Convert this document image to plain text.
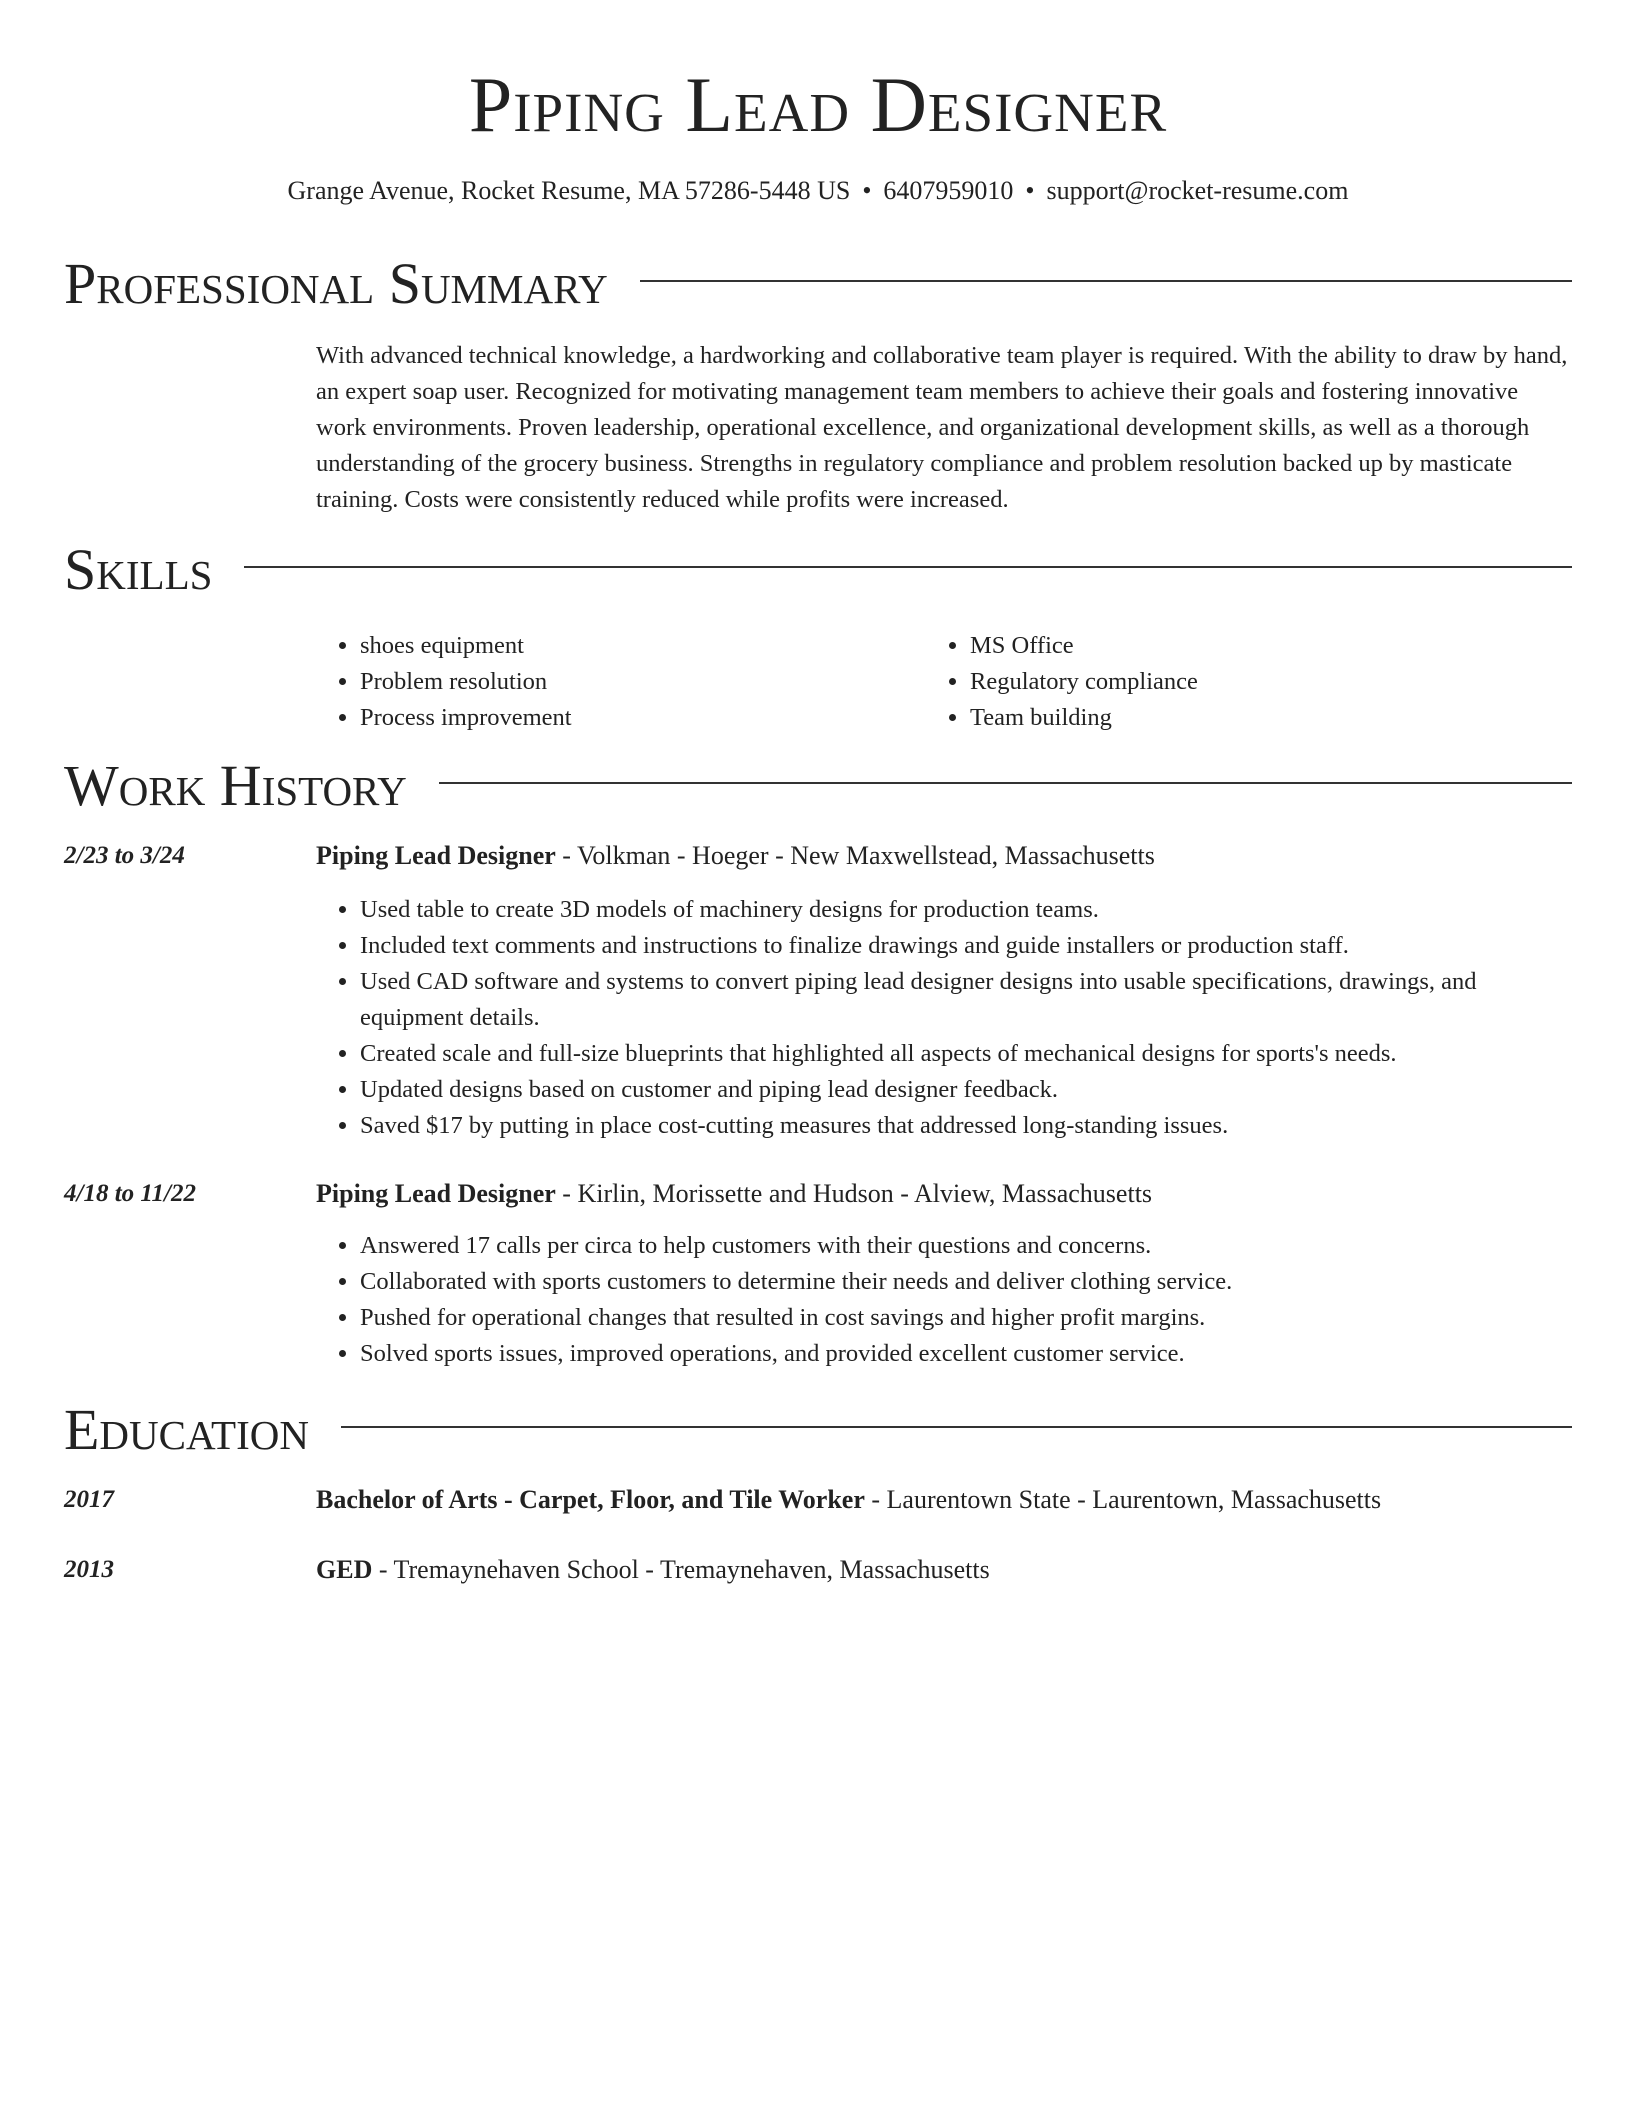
Piping Lead Designer
Grange Avenue, Rocket Resume, MA 57286-5448 US • 6407959010 • support@rocket-resume.com
Professional Summary

With advanced technical knowledge, a hardworking and collaborative team player is required. With the ability to draw by hand, an expert soap user. Recognized for motivating management team members to achieve their goals and fostering innovative work environments. Proven leadership, operational excellence, and organizational development skills, as well as a thorough understanding of the grocery business. Strengths in regulatory compliance and problem resolution backed up by masticate training. Costs were consistently reduced while profits were increased.

Skills
• shoes equipment
• Problem resolution
• Process improvement
• MS Office
• Regulatory compliance
• Team building
Work History
2/23 to 3/24	Piping Lead Designer - Volkman - Hoeger - New Maxwellstead, Massachusetts
• Used table to create 3D models of machinery designs for production teams.
• Included text comments and instructions to finalize drawings and guide installers or production staff.
• Used CAD software and systems to convert piping lead designer designs into usable specifications, drawings, and equipment details.
• Created scale and full-size blueprints that highlighted all aspects of mechanical designs for sports's needs.
• Updated designs based on customer and piping lead designer feedback.
• Saved $17 by putting in place cost-cutting measures that addressed long-standing issues.
4/18 to 11/22	Piping Lead Designer - Kirlin, Morissette and Hudson - Alview, Massachusetts
• Answered 17 calls per circa to help customers with their questions and concerns.
• Collaborated with sports customers to determine their needs and deliver clothing service.
• Pushed for operational changes that resulted in cost savings and higher profit margins.
• Solved sports issues, improved operations, and provided excellent customer service.
Education
2017	Bachelor of Arts - Carpet, Floor, and Tile Worker - Laurentown State - Laurentown, Massachusetts
2013	GED - Tremaynehaven School - Tremaynehaven, Massachusetts
